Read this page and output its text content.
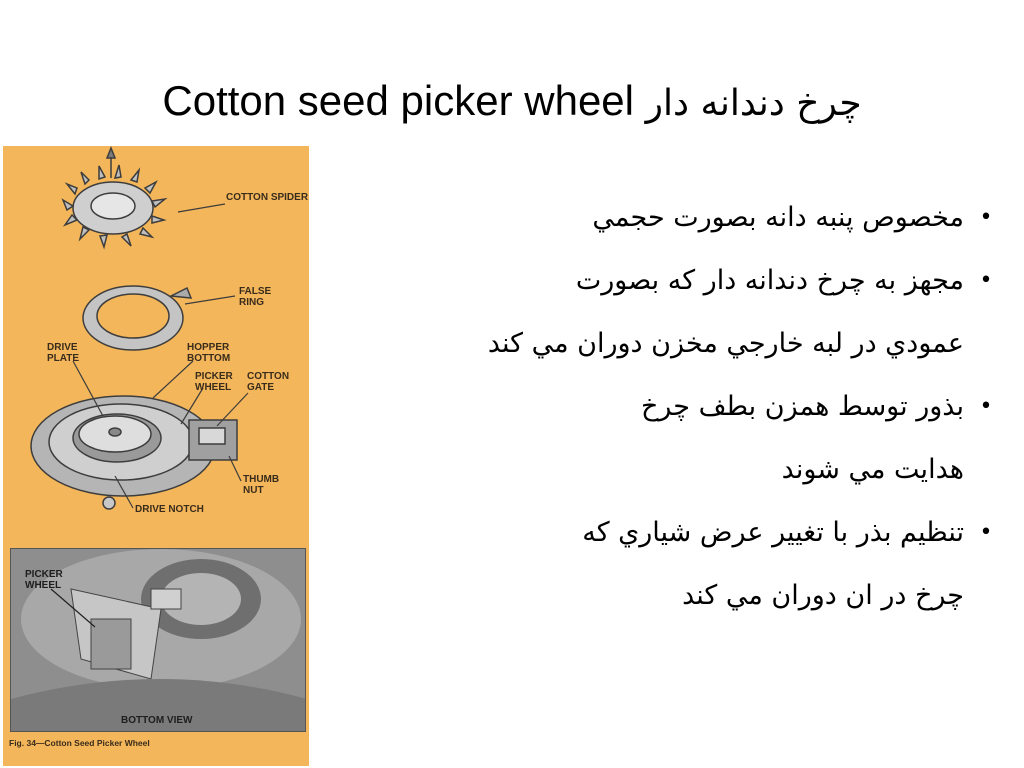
Cotton seed picker wheel چرخ دندانه دار
COTTON SPIDER
FALSE RING
DRIVE PLATE
HOPPER BOTTOM
PICKER WHEEL
COTTON GATE
THUMB NUT
DRIVE NOTCH
PICKER WHEEL
BOTTOM VIEW
Fig. 34—Cotton Seed Picker Wheel
•
مخصوص پنبه دانه بصورت حجمي
•
مجهز به چرخ دندانه دار كه بصورت
عمودي در لبه خارجي مخزن دوران مي كند
•
بذور توسط همزن بطف چرخ
هدايت مي شوند
•
تنظيم بذر با تغيير عرض شياري كه
چرخ در ان دوران مي كند
